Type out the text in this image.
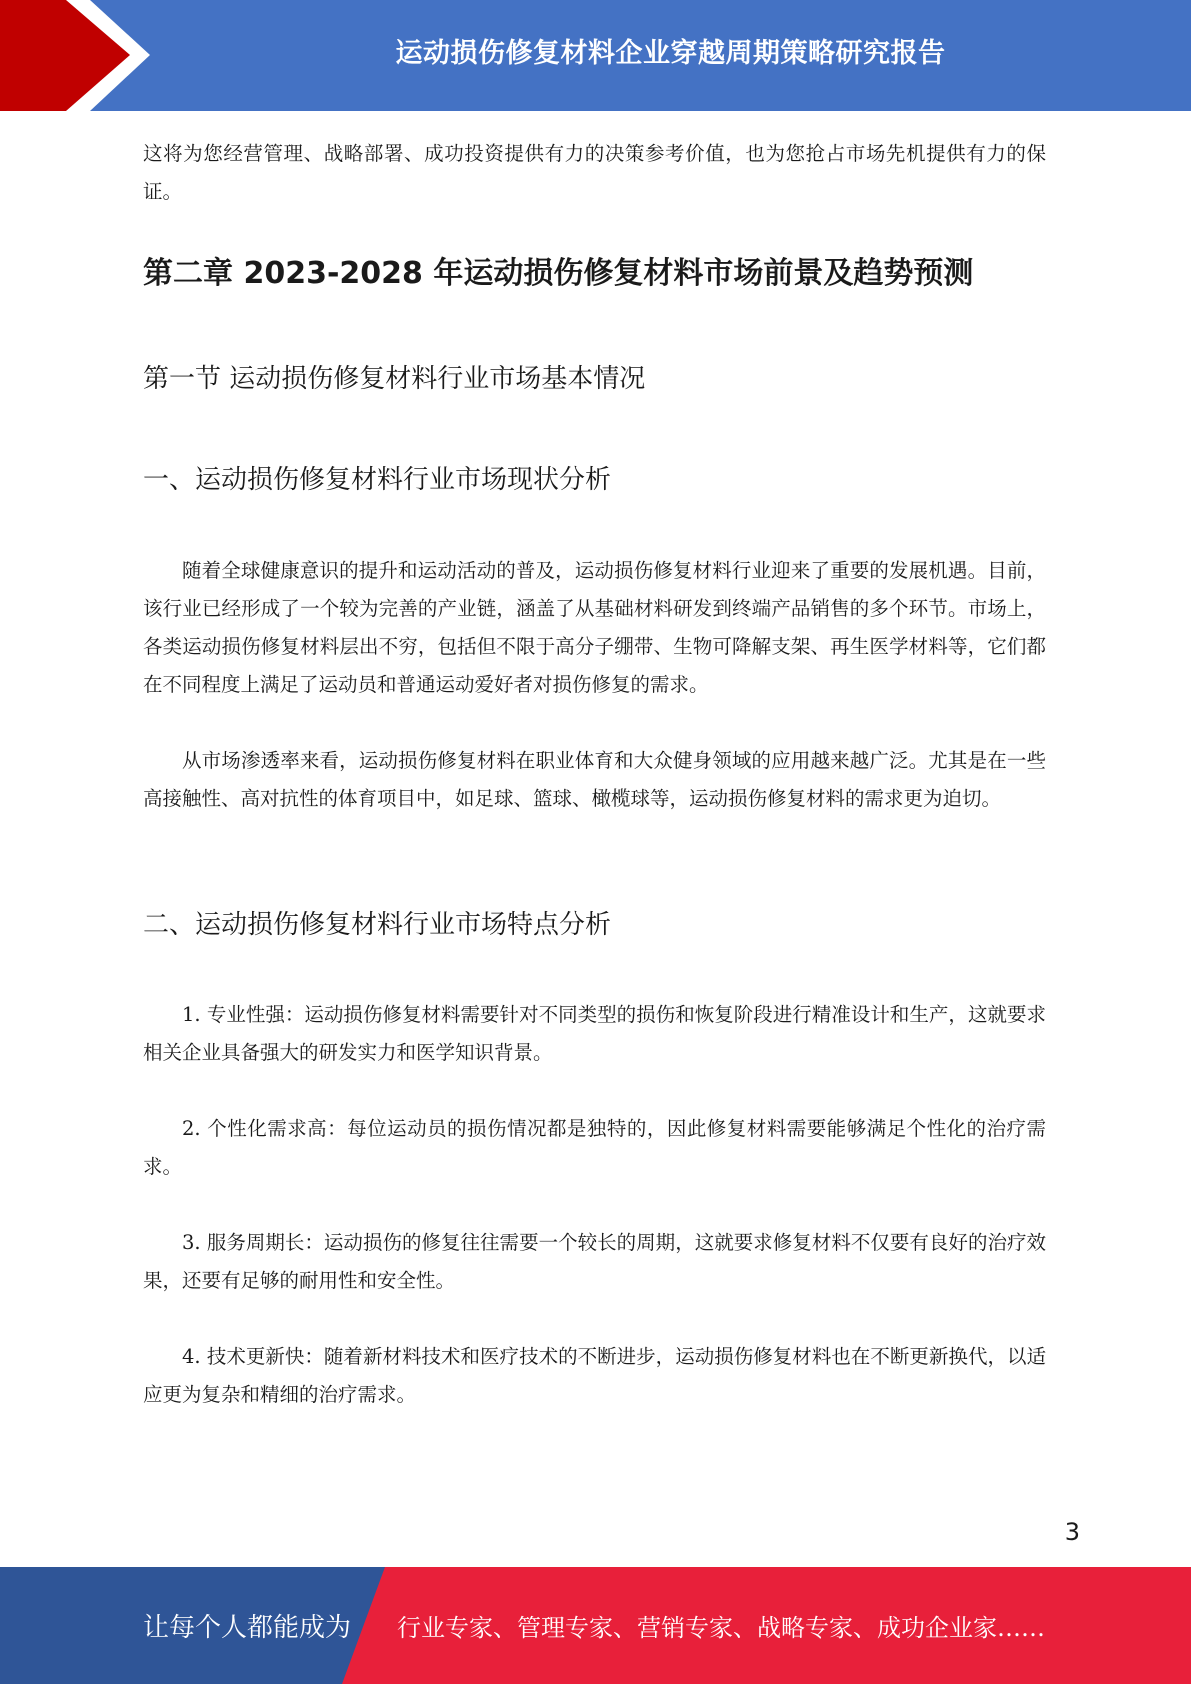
运动损伤修复材料企业穿越周期策略研究报告

这将为您经营管理、战略部署、成功投资提供有力的决策参考价值，也为您抢占市场先机提供有力的保证。

第二章 2023-2028 年运动损伤修复材料市场前景及趋势预测
第一节 运动损伤修复材料行业市场基本情况
一、运动损伤修复材料行业市场现状分析

随着全球健康意识的提升和运动活动的普及，运动损伤修复材料行业迎来了重要的发展机遇。目前，该行业已经形成了一个较为完善的产业链，涵盖了从基础材料研发到终端产品销售的多个环节。市场上，各类运动损伤修复材料层出不穷，包括但不限于高分子绷带、生物可降解支架、再生医学材料等，它们都在不同程度上满足了运动员和普通运动爱好者对损伤修复的需求。

从市场渗透率来看，运动损伤修复材料在职业体育和大众健身领域的应用越来越广泛。尤其是在一些高接触性、高对抗性的体育项目中，如足球、篮球、橄榄球等，运动损伤修复材料的需求更为迫切。

二、运动损伤修复材料行业市场特点分析

1. 专业性强：运动损伤修复材料需要针对不同类型的损伤和恢复阶段进行精准设计和生产，这就要求相关企业具备强大的研发实力和医学知识背景。

2. 个性化需求高：每位运动员的损伤情况都是独特的，因此修复材料需要能够满足个性化的治疗需求。

3. 服务周期长：运动损伤的修复往往需要一个较长的周期，这就要求修复材料不仅要有良好的治疗效果，还要有足够的耐用性和安全性。

4. 技术更新快：随着新材料技术和医疗技术的不断进步，运动损伤修复材料也在不断更新换代，以适应更为复杂和精细的治疗需求。

3
让每个人都能成为 行业专家、管理专家、营销专家、战略专家、成功企业家……
